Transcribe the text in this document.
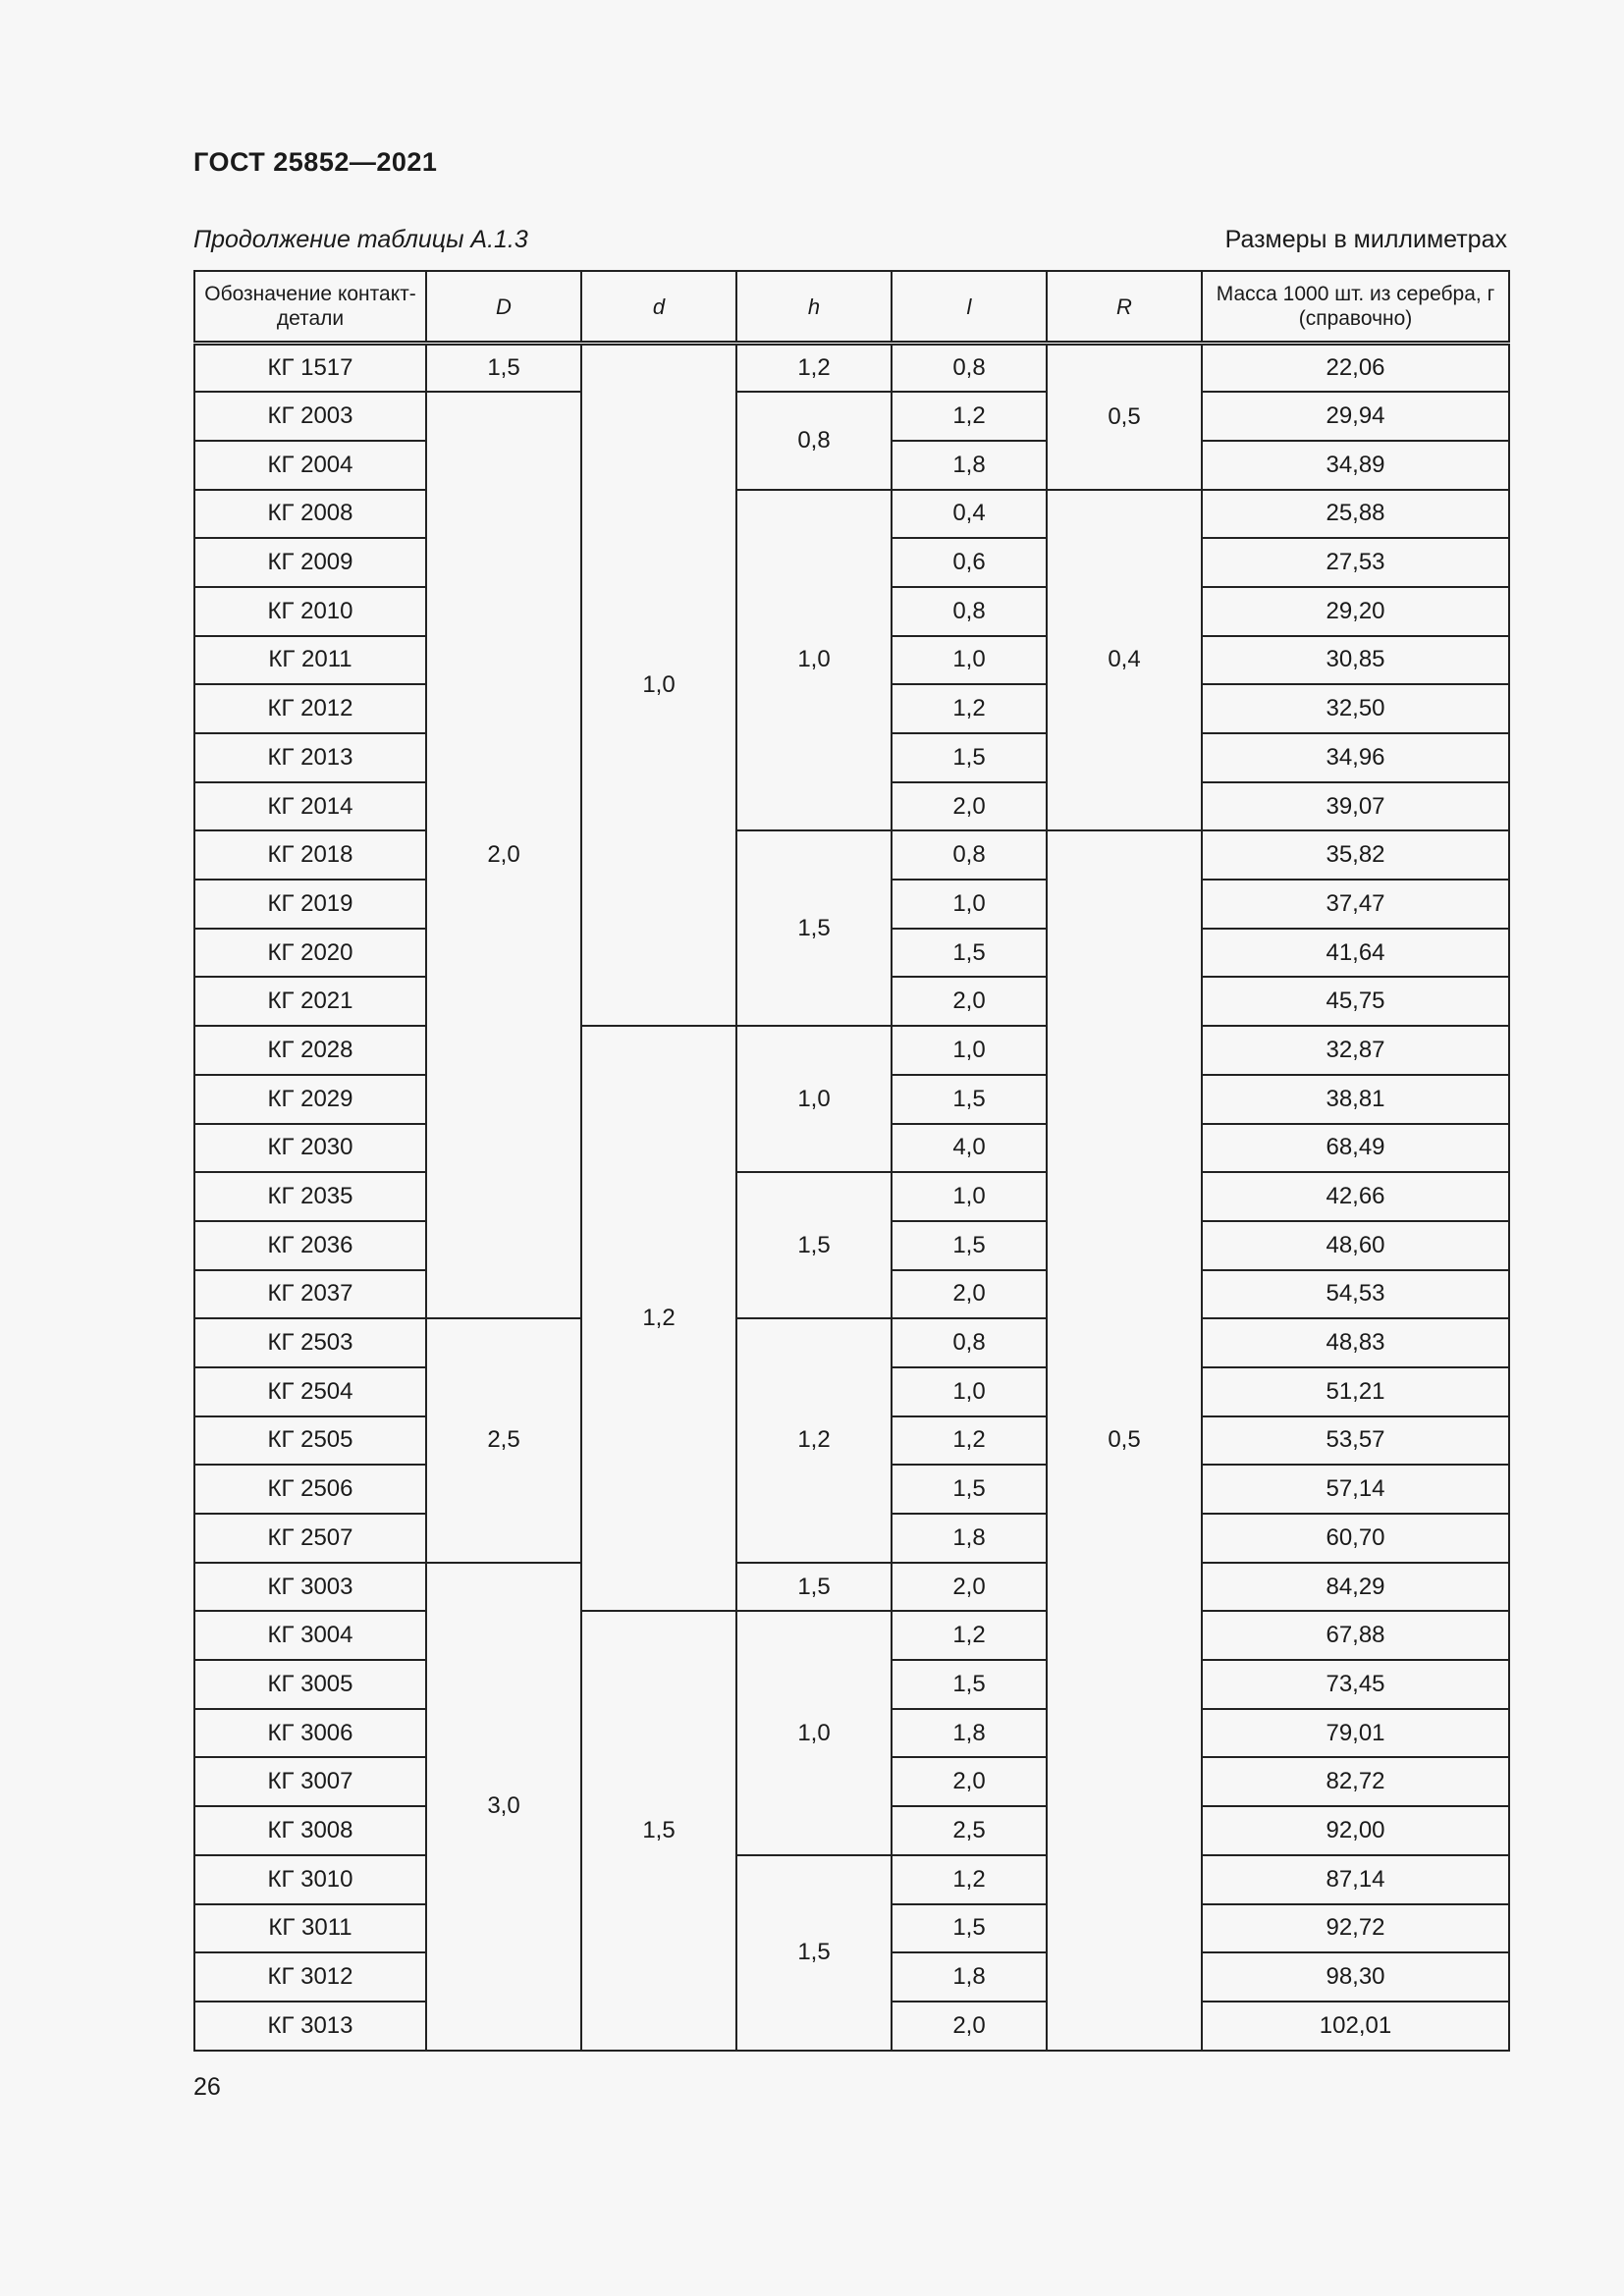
ГОСТ 25852—2021
Продолжение таблицы А.1.3	Размеры в миллиметрах
Обозначение контакт-детали	D	d	h	l	R	Масса 1000 шт. из серебра, г (справочно)
КГ 1517	1,5	1,0	1,2	0,8	0,5	22,06
КГ 2003	2,0		0,8	1,2		29,94
КГ 2004				1,8		34,89
КГ 2008			1,0	0,4	0,4	25,88
КГ 2009				0,6		27,53
КГ 2010				0,8		29,20
КГ 2011				1,0		30,85
КГ 2012				1,2		32,50
КГ 2013				1,5		34,96
КГ 2014				2,0		39,07
КГ 2018			1,5	0,8	0,5	35,82
КГ 2019				1,0		37,47
КГ 2020				1,5		41,64
КГ 2021				2,0		45,75
КГ 2028		1,2	1,0	1,0		32,87
КГ 2029				1,5		38,81
КГ 2030				4,0		68,49
КГ 2035			1,5	1,0		42,66
КГ 2036				1,5		48,60
КГ 2037				2,0		54,53
КГ 2503	2,5		1,2	0,8		48,83
КГ 2504				1,0		51,21
КГ 2505				1,2		53,57
КГ 2506				1,5		57,14
КГ 2507				1,8		60,70
КГ 3003	3,0		1,5	2,0		84,29
КГ 3004		1,5	1,0	1,2		67,88
КГ 3005				1,5		73,45
КГ 3006				1,8		79,01
КГ 3007				2,0		82,72
КГ 3008				2,5		92,00
КГ 3010			1,5	1,2		87,14
КГ 3011				1,5		92,72
КГ 3012				1,8		98,30
КГ 3013				2,0		102,01
26
